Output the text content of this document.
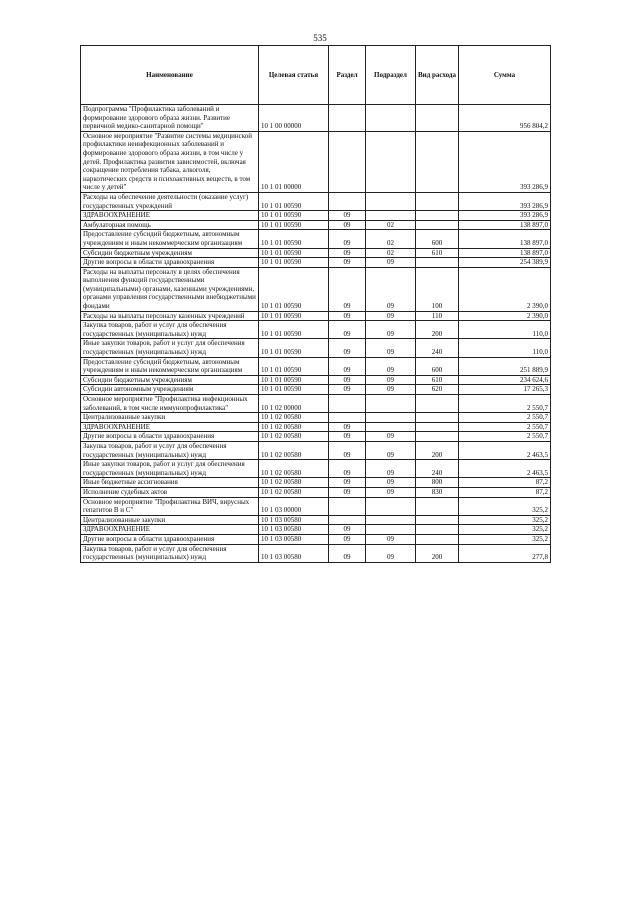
535
Наименование	Целевая статья	Раздел	Подраздел	Вид расхода	Сумма
Подпрограмма "Профилактика заболеваний и формирование здорового образа жизни. Развитие первичной медико-санитарной помощи"	10 1 00 00000				956 804,2
Основное мероприятие "Развитие системы медицинской профилактики неинфекционных заболеваний и формирование здорового образа жизни, в том числе у детей. Профилактика развития зависимостей, включая сокращение потребления табака, алкоголя, наркотических средств и психоактивных веществ, в том числе у детей"	10 1 01 00000				393 286,9
Расходы на обеспечение деятельности (оказание услуг) государственных учреждений	10 1 01 00590				393 286,9
ЗДРАВООХРАНЕНИЕ	10 1 01 00590	09			393 286,9
Амбулаторная помощь	10 1 01 00590	09	02		138 897,0
Предоставление субсидий бюджетным, автономным учреждениям и иным некоммерческим организациям	10 1 01 00590	09	02	600	138 897,0
Субсидии бюджетным учреждениям	10 1 01 00590	09	02	610	138 897,0
Другие вопросы в области здравоохранения	10 1 01 00590	09	09		254 389,9
Расходы на выплаты персоналу в целях обеспечения выполнения функций государственными (муниципальными) органами, казенными учреждениями, органами управления государственными внебюджетными фондами	10 1 01 00590	09	09	100	2 390,0
Расходы на выплаты персоналу казенных учреждений	10 1 01 00590	09	09	110	2 390,0
Закупка товаров, работ и услуг для обеспечения государственных (муниципальных) нужд	10 1 01 00590	09	09	200	110,0
Иные закупки товаров, работ и услуг для обеспечения государственных (муниципальных) нужд	10 1 01 00590	09	09	240	110,0
Предоставление субсидий бюджетным, автономным учреждениям и иным некоммерческим организациям	10 1 01 00590	09	09	600	251 889,9
Субсидии бюджетным учреждениям	10 1 01 00590	09	09	610	234 624,6
Субсидии автономным учреждениям	10 1 01 00590	09	09	620	17 265,3
Основное мероприятие "Профилактика инфекционных заболеваний, в том числе иммунопрофилактика"	10 1 02 00000				2 550,7
Централизованные закупки	10 1 02 00580				2 550,7
ЗДРАВООХРАНЕНИЕ	10 1 02 00580	09			2 550,7
Другие вопросы в области здравоохранения	10 1 02 00580	09	09		2 550,7
Закупка товаров, работ и услуг для обеспечения государственных (муниципальных) нужд	10 1 02 00580	09	09	200	2 463,5
Иные закупки товаров, работ и услуг для обеспечения государственных (муниципальных) нужд	10 1 02 00580	09	09	240	2 463,5
Иные бюджетные ассигнования	10 1 02 00580	09	09	800	87,2
Исполнение судебных актов	10 1 02 00580	09	09	830	87,2
Основное мероприятие "Профилактика ВИЧ, вирусных гепатитов В и С"	10 1 03 00000				325,2
Централизованные закупки	10 1 03 00580				325,2
ЗДРАВООХРАНЕНИЕ	10 1 03 00580	09			325,2
Другие вопросы в области здравоохранения	10 1 03 00580	09	09		325,2
Закупка товаров, работ и услуг для обеспечения государственных (муниципальных) нужд	10 1 03 00580	09	09	200	277,8
